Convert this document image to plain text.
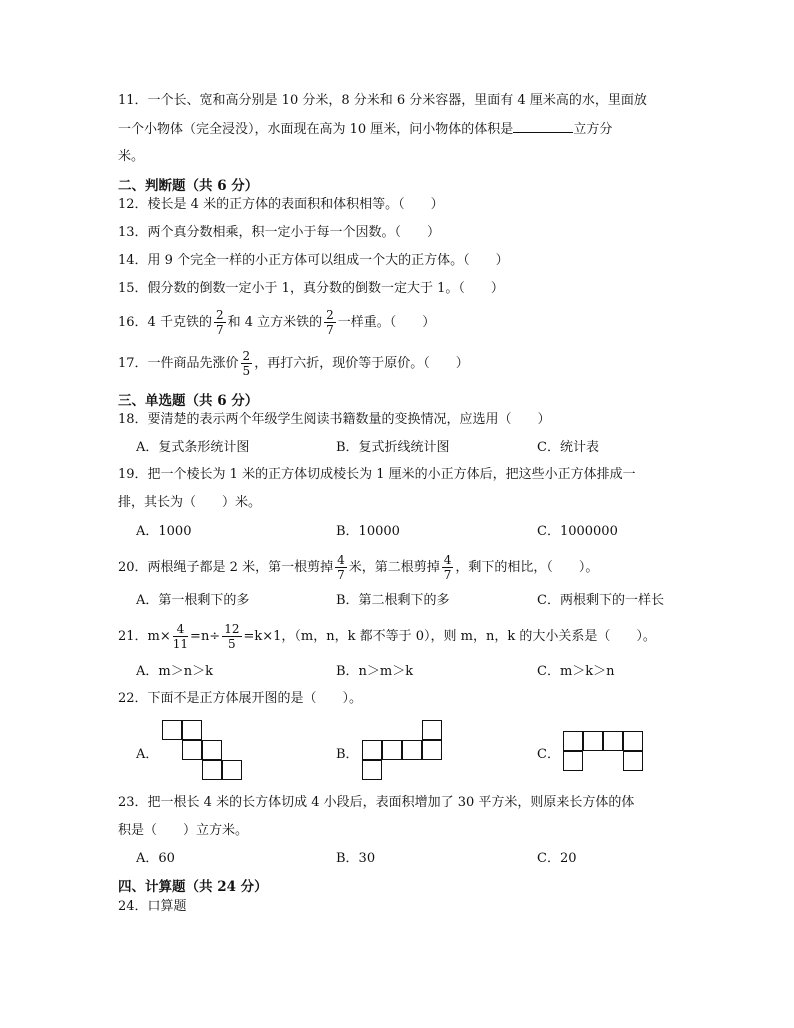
11．一个长、宽和高分别是 10 分米，8 分米和 6 分米容器，里面有 4 厘米高的水，里面放
一个小物体（完全浸没），水面现在高为 10 厘米，问小物体的体积是	立方分
米。
二、判断题（共 6 分）
12．棱长是 4 米的正方体的表面积和体积相等。（　　）
13．两个真分数相乘，积一定小于每一个因数。（　　）
14．用 9 个完全一样的小正方体可以组成一个大的正方体。（　　）
15．假分数的倒数一定小于 1，真分数的倒数一定大于 1。（　　）
16．4 千克铁的 $\frac{2}{7}$ 和 4 立方米铁的 $\frac{2}{7}$ 一样重。（　　）
17．一件商品先涨价 $\frac{2}{5}$ ，再打六折，现价等于原价。（　　）
三、单选题（共 6 分）
18．要清楚的表示两个年级学生阅读书籍数量的变换情况，应选用（　　）
A．复式条形统计图	B．复式折线统计图	C．统计表
19．把一个棱长为 1 米的正方体切成棱长为 1 厘米的小正方体后，把这些小正方体排成一
排，其长为（　　）米。
A．1000	B．10000	C．1000000
20．两根绳子都是 2 米，第一根剪掉 $\frac{4}{7}$ 米，第二根剪掉 $\frac{4}{7}$ ，剩下的相比，（　　）。
A．第一根剩下的多	B．第二根剩下的多	C．两根剩下的一样长
21．$m\times \frac{4}{11} =n\div \frac{12}{5} =k\times 1$，（m，n，k 都不等于 0），则 m，n，k 的大小关系是（　　）。
A．m＞n＞k	B．n＞m＞k	C．m＞k＞n
22．下面不是正方体展开图的是（　　）。
A．	B．	C．
23．把一根长 4 米的长方体切成 4 小段后，表面积增加了 30 平方米，则原来长方体的体
积是（　　）立方米。
A．60	B．30	C．20
四、计算题（共 24 分）
24．口算题
